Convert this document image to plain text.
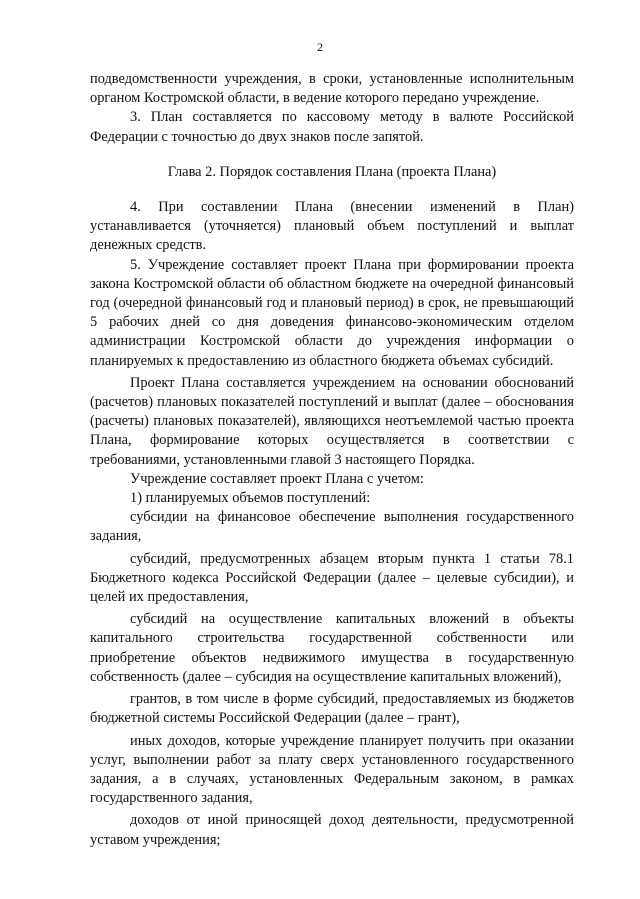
2

подведомственности учреждения, в сроки, установленные исполнительным органом Костромской области, в ведение которого передано учреждение.

3. План составляется по кассовому методу в валюте Российской Федерации с точностью до двух знаков после запятой.

Глава 2. Порядок составления Плана (проекта Плана)

4. При составлении Плана (внесении изменений в План) устанавливается (уточняется) плановый объем поступлений и выплат денежных средств.

5. Учреждение составляет проект Плана при формировании проекта закона Костромской области об областном бюджете на очередной финансовый год (очередной финансовый год и плановый период) в срок, не превышающий 5 рабочих дней со дня доведения финансово-экономическим отделом администрации Костромской области до учреждения информации о планируемых к предоставлению из областного бюджета объемах субсидий.

Проект Плана составляется учреждением на основании обоснований (расчетов) плановых показателей поступлений и выплат (далее – обоснования (расчеты) плановых показателей), являющихся неотъемлемой частью проекта Плана, формирование которых осуществляется в соответствии с требованиями, установленными главой 3 настоящего Порядка.

Учреждение составляет проект Плана с учетом:

1) планируемых объемов поступлений:

субсидии на финансовое обеспечение выполнения государственного задания,

субсидий, предусмотренных абзацем вторым пункта 1 статьи 78.1 Бюджетного кодекса Российской Федерации (далее – целевые субсидии), и целей их предоставления,

субсидий на осуществление капитальных вложений в объекты капитального строительства государственной собственности или приобретение объектов недвижимого имущества в государственную собственность (далее – субсидия на осуществление капитальных вложений),

грантов, в том числе в форме субсидий, предоставляемых из бюджетов бюджетной системы Российской Федерации (далее – грант),

иных доходов, которые учреждение планирует получить при оказании услуг, выполнении работ за плату сверх установленного государственного задания, а в случаях, установленных Федеральным законом, в рамках государственного задания,

доходов от иной приносящей доход деятельности, предусмотренной уставом учреждения;
